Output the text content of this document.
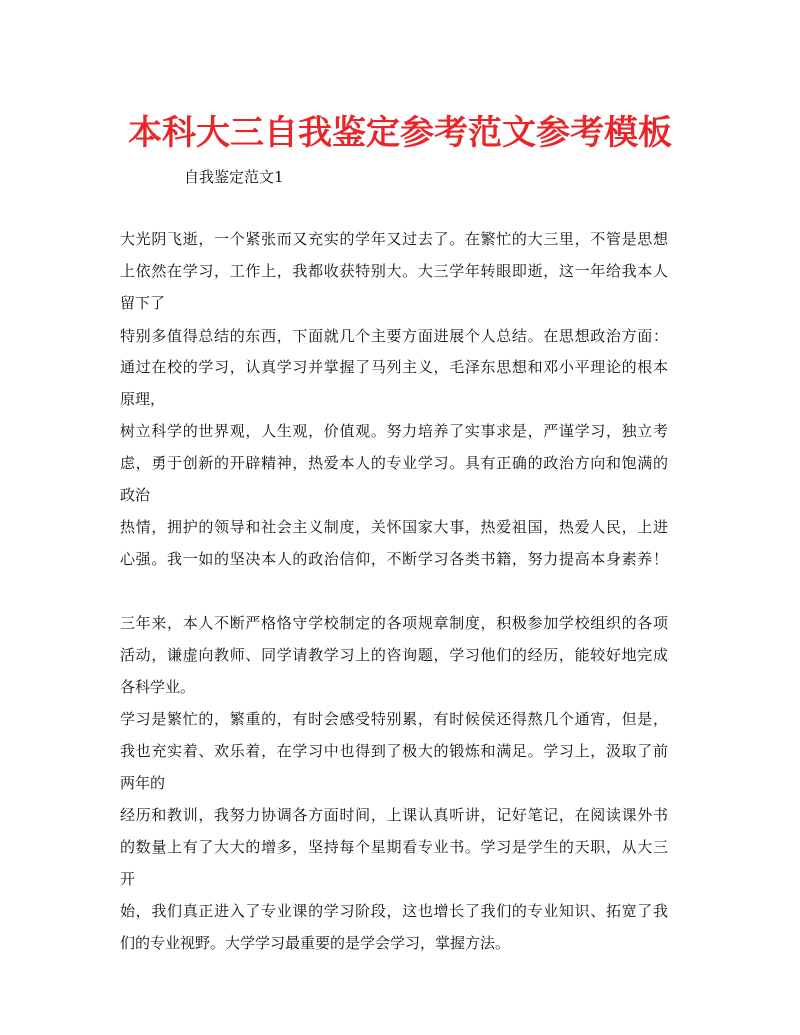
本科大三自我鉴定参考范文参考模板
自我鉴定范文1
大光阴飞逝，一个紧张而又充实的学年又过去了。在繁忙的大三里，不管是思想
上依然在学习，工作上，我都收获特别大。大三学年转眼即逝，这一年给我本人
留下了
特别多值得总结的东西，下面就几个主要方面进展个人总结。在思想政治方面：
通过在校的学习，认真学习并掌握了马列主义，毛泽东思想和邓小平理论的根本
原理，
树立科学的世界观，人生观，价值观。努力培养了实事求是，严谨学习，独立考
虑，勇于创新的开辟精神，热爱本人的专业学习。具有正确的政治方向和饱满的
政治
热情，拥护的领导和社会主义制度，关怀国家大事，热爱祖国，热爱人民，上进
心强。我一如的坚决本人的政治信仰，不断学习各类书籍，努力提高本身素养！
三年来，本人不断严格恪守学校制定的各项规章制度，积极参加学校组织的各项
活动，谦虚向教师、同学请教学习上的咨询题，学习他们的经历，能较好地完成
各科学业。
学习是繁忙的，繁重的，有时会感受特别累，有时候侯还得熬几个通宵，但是，
我也充实着、欢乐着，在学习中也得到了极大的锻炼和满足。学习上，汲取了前
两年的
经历和教训，我努力协调各方面时间，上课认真听讲，记好笔记，在阅读课外书
的数量上有了大大的增多，坚持每个星期看专业书。学习是学生的天职，从大三
开
始，我们真正进入了专业课的学习阶段，这也增长了我们的专业知识、拓宽了我
们的专业视野。大学学习最重要的是学会学习，掌握方法。
